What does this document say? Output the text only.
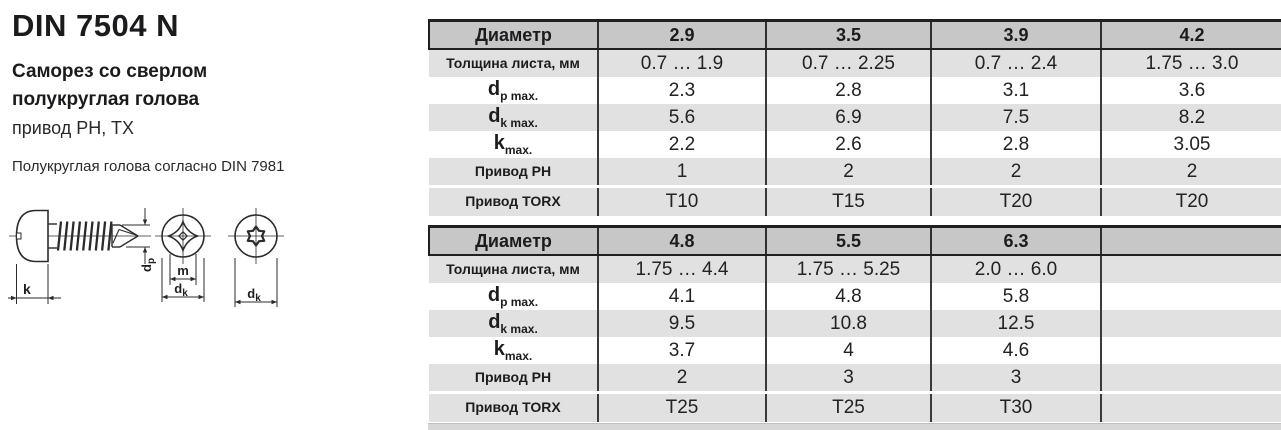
DIN 7504 N
Саморез со сверлом
полукруглая голова
привод PH, TX
Полукруглая голова согласно DIN 7981
k
$d_p$
m
$d_k$	$d_k$
Диаметр	2.9	3.5	3.9	4.2
Толщина листа, мм	0.7 … 1.9	0.7 … 2.25	0.7 … 2.4	1.75 … 3.0
$d_{p max.}$	2.3	2.8	3.1	3.6
$d_{k max.}$	5.6	6.9	7.5	8.2
$k_{max.}$	2.2	2.6	2.8	3.05
Привод PH	1	2	2	2
Привод TORX	T10	T15	T20	T20
Диаметр	4.8	5.5	6.3	
Толщина листа, мм	1.75 … 4.4	1.75 … 5.25	2.0 … 6.0	
$d_{p max.}$	4.1	4.8	5.8	
$d_{k max.}$	9.5	10.8	12.5	
$k_{max.}$	3.7	4	4.6	
Привод PH	2	3	3	
Привод TORX	T25	T25	T30	
